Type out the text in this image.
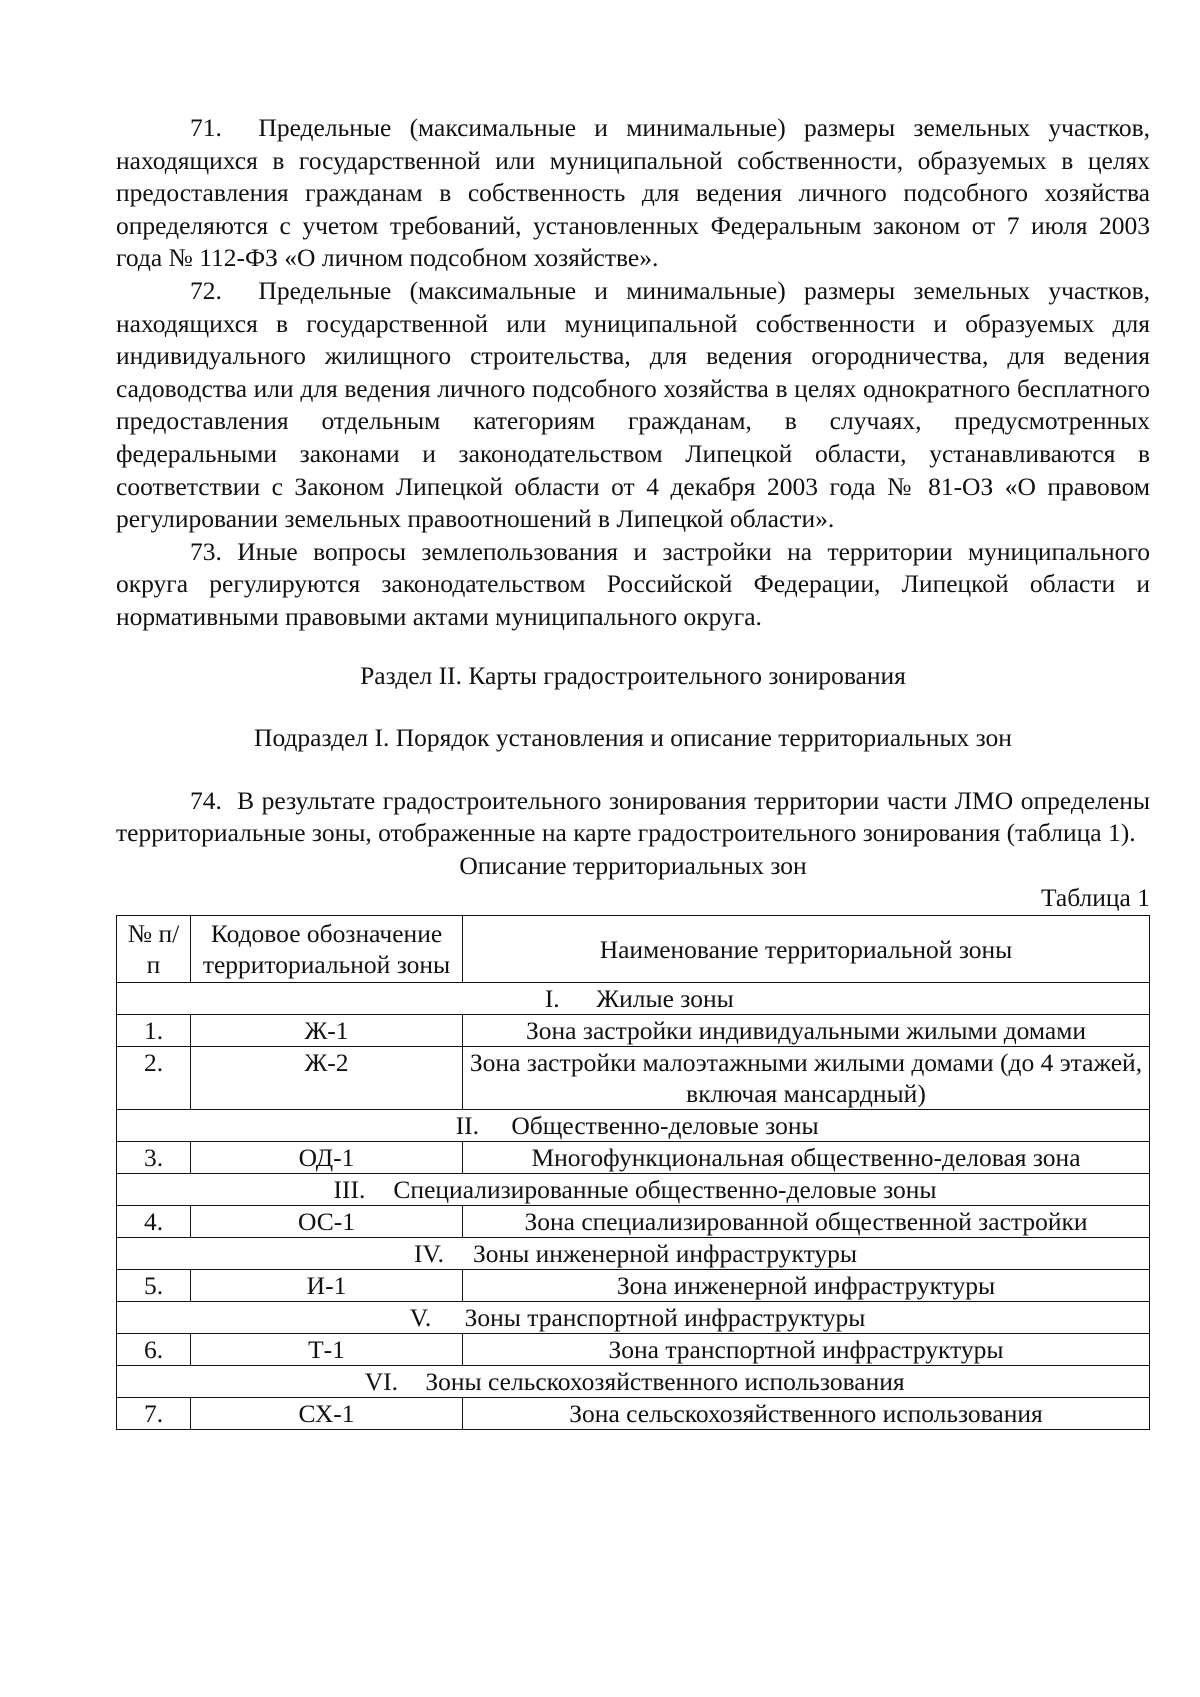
71.  Предельные (максимальные и минимальные) размеры земельных участков, находящихся в государственной или муниципальной собственности, образуемых в целях предоставления гражданам в собственность для ведения личного подсобного хозяйства определяются с учетом требований, установленных Федеральным законом от 7 июля 2003 года № 112-ФЗ «О личном подсобном хозяйстве».

72.  Предельные (максимальные и минимальные) размеры земельных участков, находящихся в государственной или муниципальной собственности и образуемых для индивидуального жилищного строительства, для ведения огородничества, для ведения садоводства или для ведения личного подсобного хозяйства в целях однократного бесплатного предоставления отдельным категориям гражданам, в случаях, предусмотренных федеральными законами и законодательством Липецкой области, устанавливаются в соответствии с Законом Липецкой области от 4 декабря 2003 года № 81-ОЗ «О правовом регулировании земельных правоотношений в Липецкой области».

73. Иные вопросы землепользования и застройки на территории муниципального округа регулируются законодательством Российской Федерации, Липецкой области и нормативными правовыми актами муниципального округа.

Раздел II. Карты градостроительного зонирования

Подраздел I. Порядок установления и описание территориальных зон

74.  В результате градостроительного зонирования территории части ЛМО определены территориальные зоны, отображенные на карте градостроительного зонирования (таблица 1).

Описание территориальных зон

Таблица 1

№ п/п	Кодовое обозначение территориальной зоны	Наименование территориальной зоны
I. Жилые зоны		
1.	Ж-1	Зона застройки индивидуальными жилыми домами
2.	Ж-2	Зона застройки малоэтажными жилыми домами (до 4 этажей, включая мансардный)
II. Общественно-деловые зоны		
3.	ОД-1	Многофункциональная общественно-деловая зона
III. Специализированные общественно-деловые зоны		
4.	ОС-1	Зона специализированной общественной застройки
IV. Зоны инженерной инфраструктуры		
5.	И-1	Зона инженерной инфраструктуры
V. Зоны транспортной инфраструктуры		
6.	Т-1	Зона транспортной инфраструктуры
VI. Зоны сельскохозяйственного использования		
7.	СХ-1	Зона сельскохозяйственного использования
